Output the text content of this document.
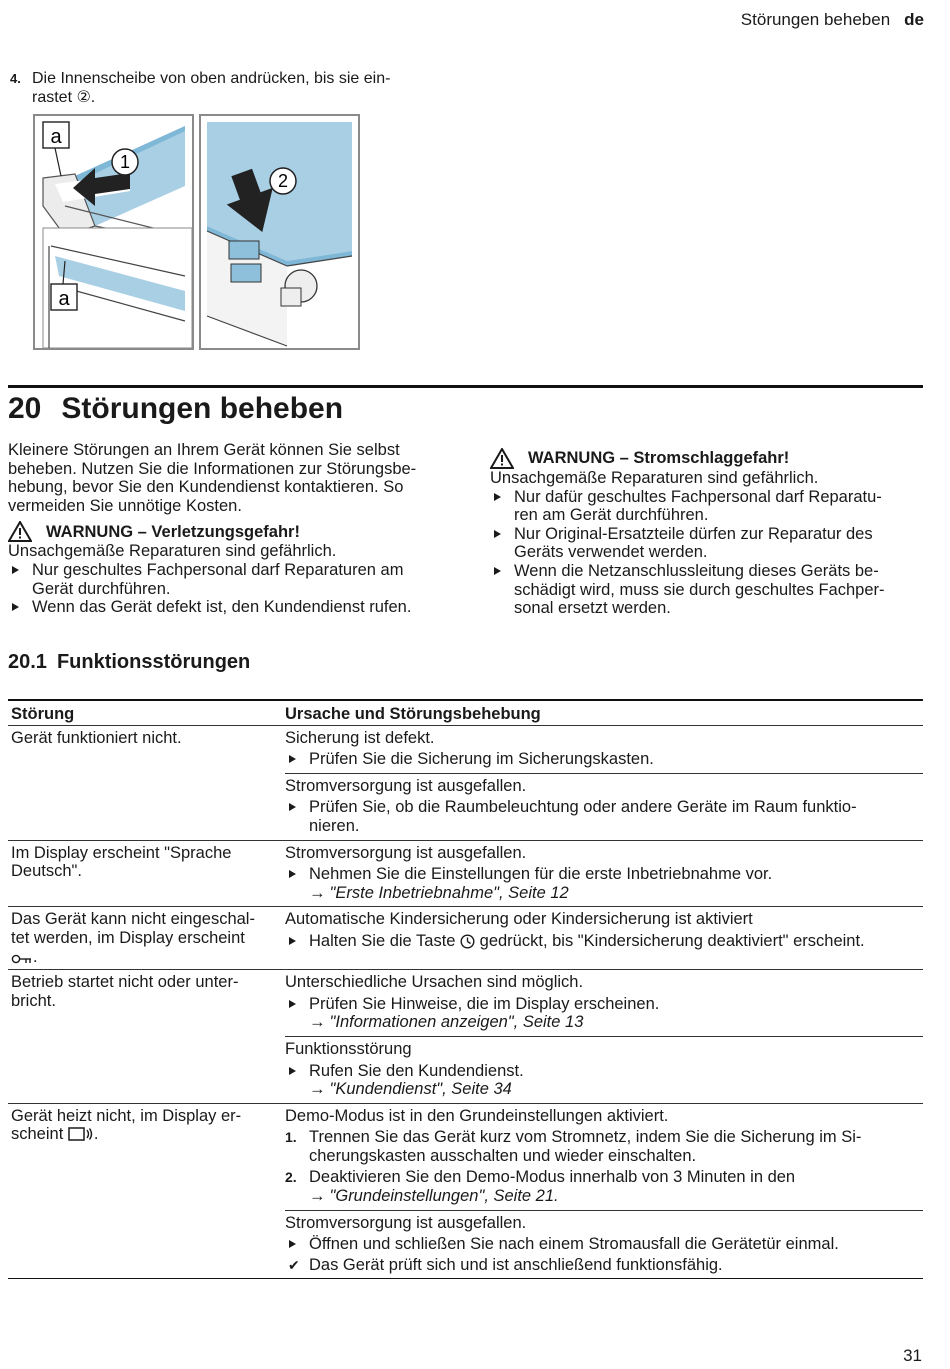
Störungen beheben de
4. Die Innenscheibe von oben andrücken, bis sie ein-
rastet ②.
1
a
a
2
20 Störungen beheben
Kleinere Störungen an Ihrem Gerät können Sie selbst
beheben. Nutzen Sie die Informationen zur Störungsbe-
hebung, bevor Sie den Kundendienst kontaktieren. So
vermeiden Sie unnötige Kosten.
WARNUNG – Verletzungsgefahr!
Unsachgemäße Reparaturen sind gefährlich.
Nur geschultes Fachpersonal darf Reparaturen am
Gerät durchführen.
Wenn das Gerät defekt ist, den Kundendienst rufen.
WARNUNG – Stromschlaggefahr!
Unsachgemäße Reparaturen sind gefährlich.
Nur dafür geschultes Fachpersonal darf Reparatu-
ren am Gerät durchführen.
Nur Original-Ersatzteile dürfen zur Reparatur des
Geräts verwendet werden.
Wenn die Netzanschlussleitung dieses Geräts be-
schädigt wird, muss sie durch geschultes Fachper-
sonal ersetzt werden.
20.1 Funktionsstörungen
Störung	Ursache und Störungsbehebung
Gerät funktioniert nicht.	Sicherung ist defekt.
Prüfen Sie die Sicherung im Sicherungskasten.
Stromversorgung ist ausgefallen.
Prüfen Sie, ob die Raumbeleuchtung oder andere Geräte im Raum funktio-
nieren.
Im Display erscheint "Sprache
Deutsch".
Stromversorgung ist ausgefallen.
Nehmen Sie die Einstellungen für die erste Inbetriebnahme vor.
→ "Erste Inbetriebnahme", Seite 12
Das Gerät kann nicht eingeschal-
tet werden, im Display erscheint
.
Automatische Kindersicherung oder Kindersicherung ist aktiviert
Halten Sie die Taste gedrückt, bis "Kindersicherung deaktiviert" erscheint.
Betrieb startet nicht oder unter-
bricht.
Unterschiedliche Ursachen sind möglich.
Prüfen Sie Hinweise, die im Display erscheinen.
→ "Informationen anzeigen", Seite 13
Funktionsstörung
Rufen Sie den Kundendienst.
→ "Kundendienst", Seite 34
Gerät heizt nicht, im Display er-
scheint .
Demo-Modus ist in den Grundeinstellungen aktiviert.
1. Trennen Sie das Gerät kurz vom Stromnetz, indem Sie die Sicherung im Si-
cherungskasten ausschalten und wieder einschalten.
2. Deaktivieren Sie den Demo-Modus innerhalb von 3 Minuten in den
→ "Grundeinstellungen", Seite 21.
Stromversorgung ist ausgefallen.
Öffnen und schließen Sie nach einem Stromausfall die Gerätetür einmal.
✔ Das Gerät prüft sich und ist anschließend funktionsfähig.
31
